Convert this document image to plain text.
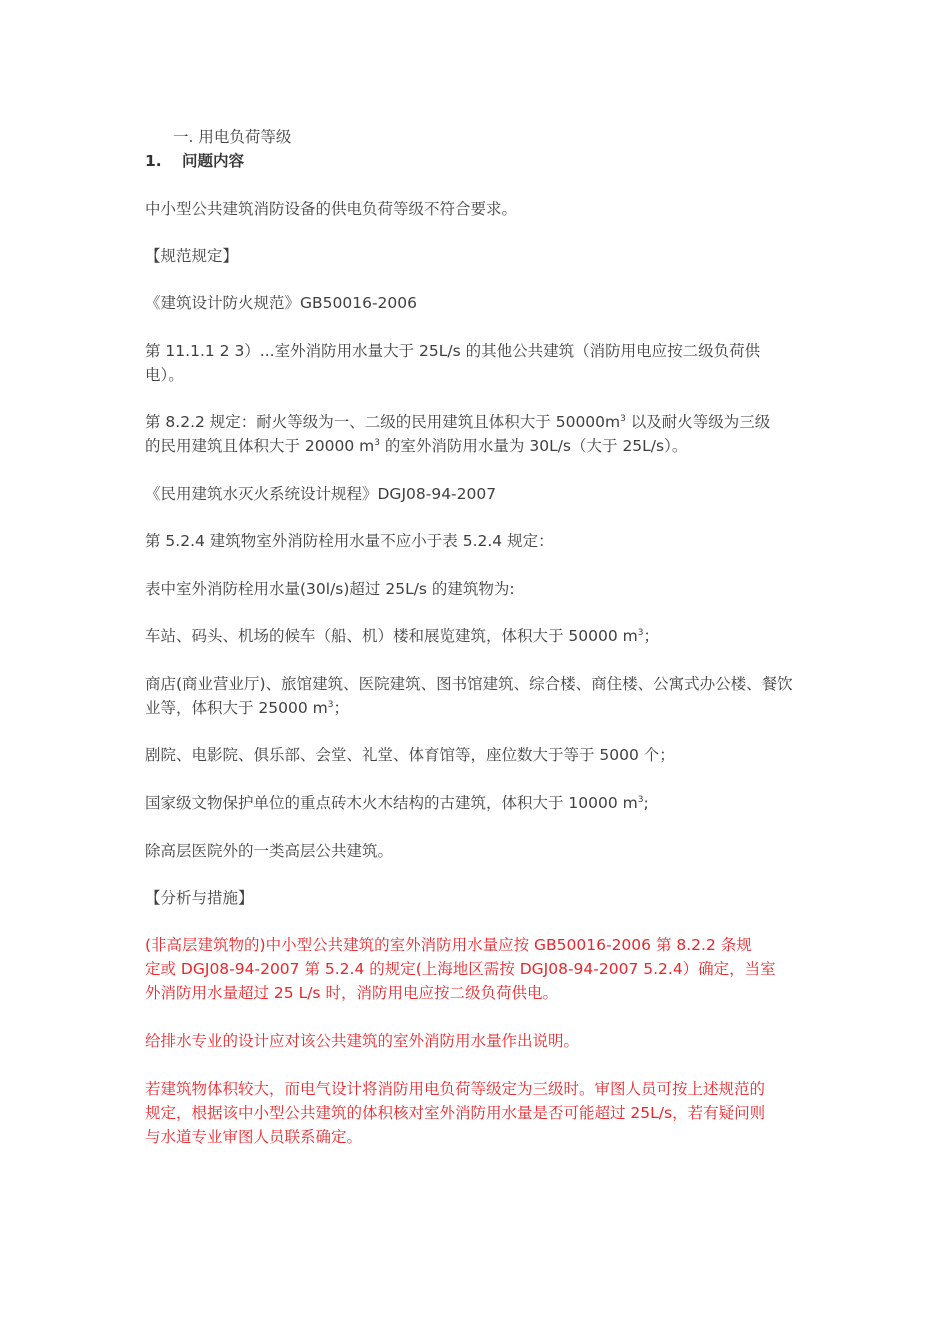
一. 用电负荷等级
1. 问题内容
中小型公共建筑消防设备的供电负荷等级不符合要求。
【规范规定】
《建筑设计防火规范》GB50016-2006
第 11.1.1 2 3）...室外消防用水量大于 25L/s 的其他公共建筑（消防用电应按二级负荷供
电）。
第 8.2.2 规定：耐火等级为一、二级的民用建筑且体积大于 $50000m^3$ 以及耐火等级为三级
的民用建筑且体积大于 20000 $m^3$ 的室外消防用水量为 30L/s（大于 25L/s）。
《民用建筑水灭火系统设计规程》DGJ08-94-2007
第 5.2.4 建筑物室外消防栓用水量不应小于表 5.2.4 规定：
表中室外消防栓用水量(30l/s)超过 25L/s 的建筑物为:
车站、码头、机场的候车（船、机）楼和展览建筑，体积大于 50000 $m^3$；
商店(商业营业厅)、旅馆建筑、医院建筑、图书馆建筑、综合楼、商住楼、公寓式办公楼、餐饮
业等，体积大于 25000 $m^3$；
剧院、电影院、俱乐部、会堂、礼堂、体育馆等，座位数大于等于 5000 个；
国家级文物保护单位的重点砖木火木结构的古建筑，体积大于 10000 $m^3$;
除高层医院外的一类高层公共建筑。
【分析与措施】
(非高层建筑物的)中小型公共建筑的室外消防用水量应按 GB50016-2006 第 8.2.2 条规
定或 DGJ08-94-2007 第 5.2.4 的规定(上海地区需按 DGJ08-94-2007 5.2.4）确定，当室
外消防用水量超过 25 L/s 时，消防用电应按二级负荷供电。
给排水专业的设计应对该公共建筑的室外消防用水量作出说明。
若建筑物体积较大，而电气设计将消防用电负荷等级定为三级时。审图人员可按上述规范的
规定，根据该中小型公共建筑的体积核对室外消防用水量是否可能超过 25L/s，若有疑问则
与水道专业审图人员联系确定。
